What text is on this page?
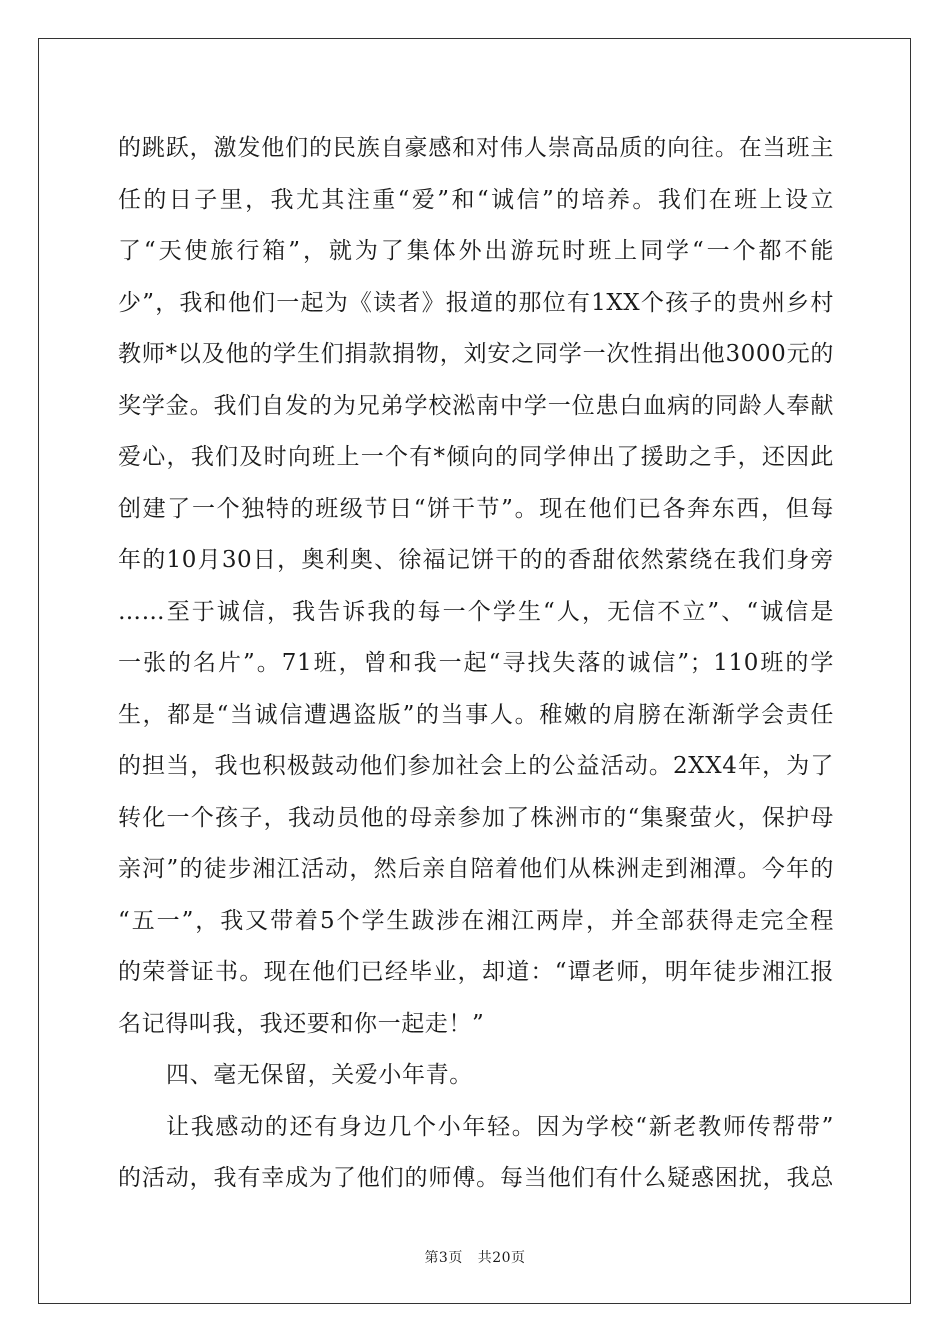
的跳跃，激发他们的民族自豪感和对伟人崇高品质的向往。在当班主
任的日子里，我尤其注重“爱”和“诚信”的培养。我们在班上设立
了“天使旅行箱”，就为了集体外出游玩时班上同学“一个都不能
少”，我和他们一起为《读者》报道的那位有1XX个孩子的贵州乡村
教师*以及他的学生们捐款捐物，刘安之同学一次性捐出他3000元的
奖学金。我们自发的为兄弟学校淞南中学一位患白血病的同龄人奉献
爱心，我们及时向班上一个有*倾向的同学伸出了援助之手，还因此
创建了一个独特的班级节日“饼干节”。现在他们已各奔东西，但每
年的10月30日，奥利奥、徐福记饼干的的香甜依然萦绕在我们身旁
……至于诚信，我告诉我的每一个学生“人，无信不立”、“诚信是
一张的名片”。71班，曾和我一起“寻找失落的诚信”；110班的学
生，都是“当诚信遭遇盗版”的当事人。稚嫩的肩膀在渐渐学会责任
的担当，我也积极鼓动他们参加社会上的公益活动。2XX4年，为了
转化一个孩子，我动员他的母亲参加了株洲市的“集聚萤火，保护母
亲河”的徒步湘江活动，然后亲自陪着他们从株洲走到湘潭。今年的
“五一”，我又带着5个学生跋涉在湘江两岸，并全部获得走完全程
的荣誉证书。现在他们已经毕业，却道：“谭老师，明年徒步湘江报
名记得叫我，我还要和你一起走！”
四、毫无保留，关爱小年青。
让我感动的还有身边几个小年轻。因为学校“新老教师传帮带”
的活动，我有幸成为了他们的师傅。每当他们有什么疑惑困扰，我总
第3页 共20页
